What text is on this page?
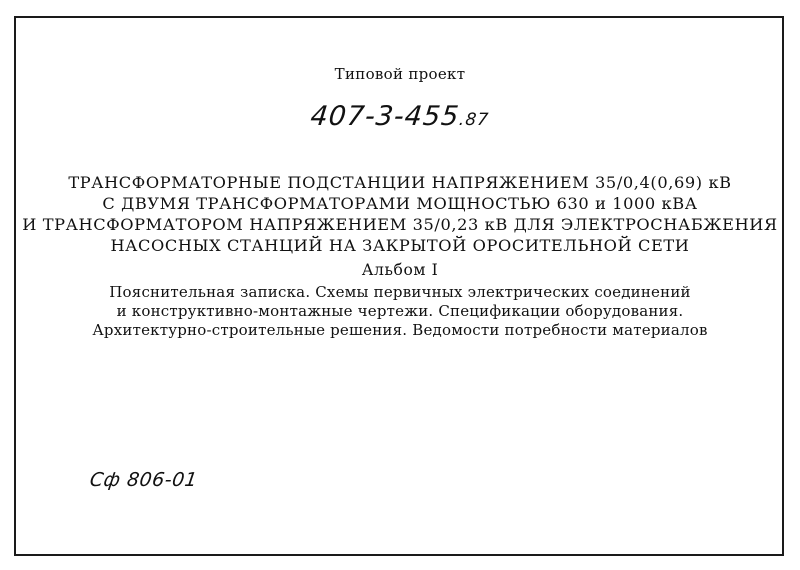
Типовой проект
407-3-455.87
ТРАНСФОРМАТОРНЫЕ ПОДСТАНЦИИ НАПРЯЖЕНИЕМ 35/0,4(0,69) кВ
С ДВУМЯ ТРАНСФОРМАТОРАМИ МОЩНОСТЬЮ 630 и 1000 кВА
И ТРАНСФОРМАТОРОМ НАПРЯЖЕНИЕМ 35/0,23 кВ ДЛЯ ЭЛЕКТРОСНАБЖЕНИЯ
НАСОСНЫХ СТАНЦИЙ НА ЗАКРЫТОЙ ОРОСИТЕЛЬНОЙ СЕТИ
Альбом I
Пояснительная записка. Схемы первичных электрических соединений
и конструктивно-монтажные чертежи. Спецификации оборудования.
Архитектурно-строительные решения. Ведомости потребности материалов
Сф 806-01
